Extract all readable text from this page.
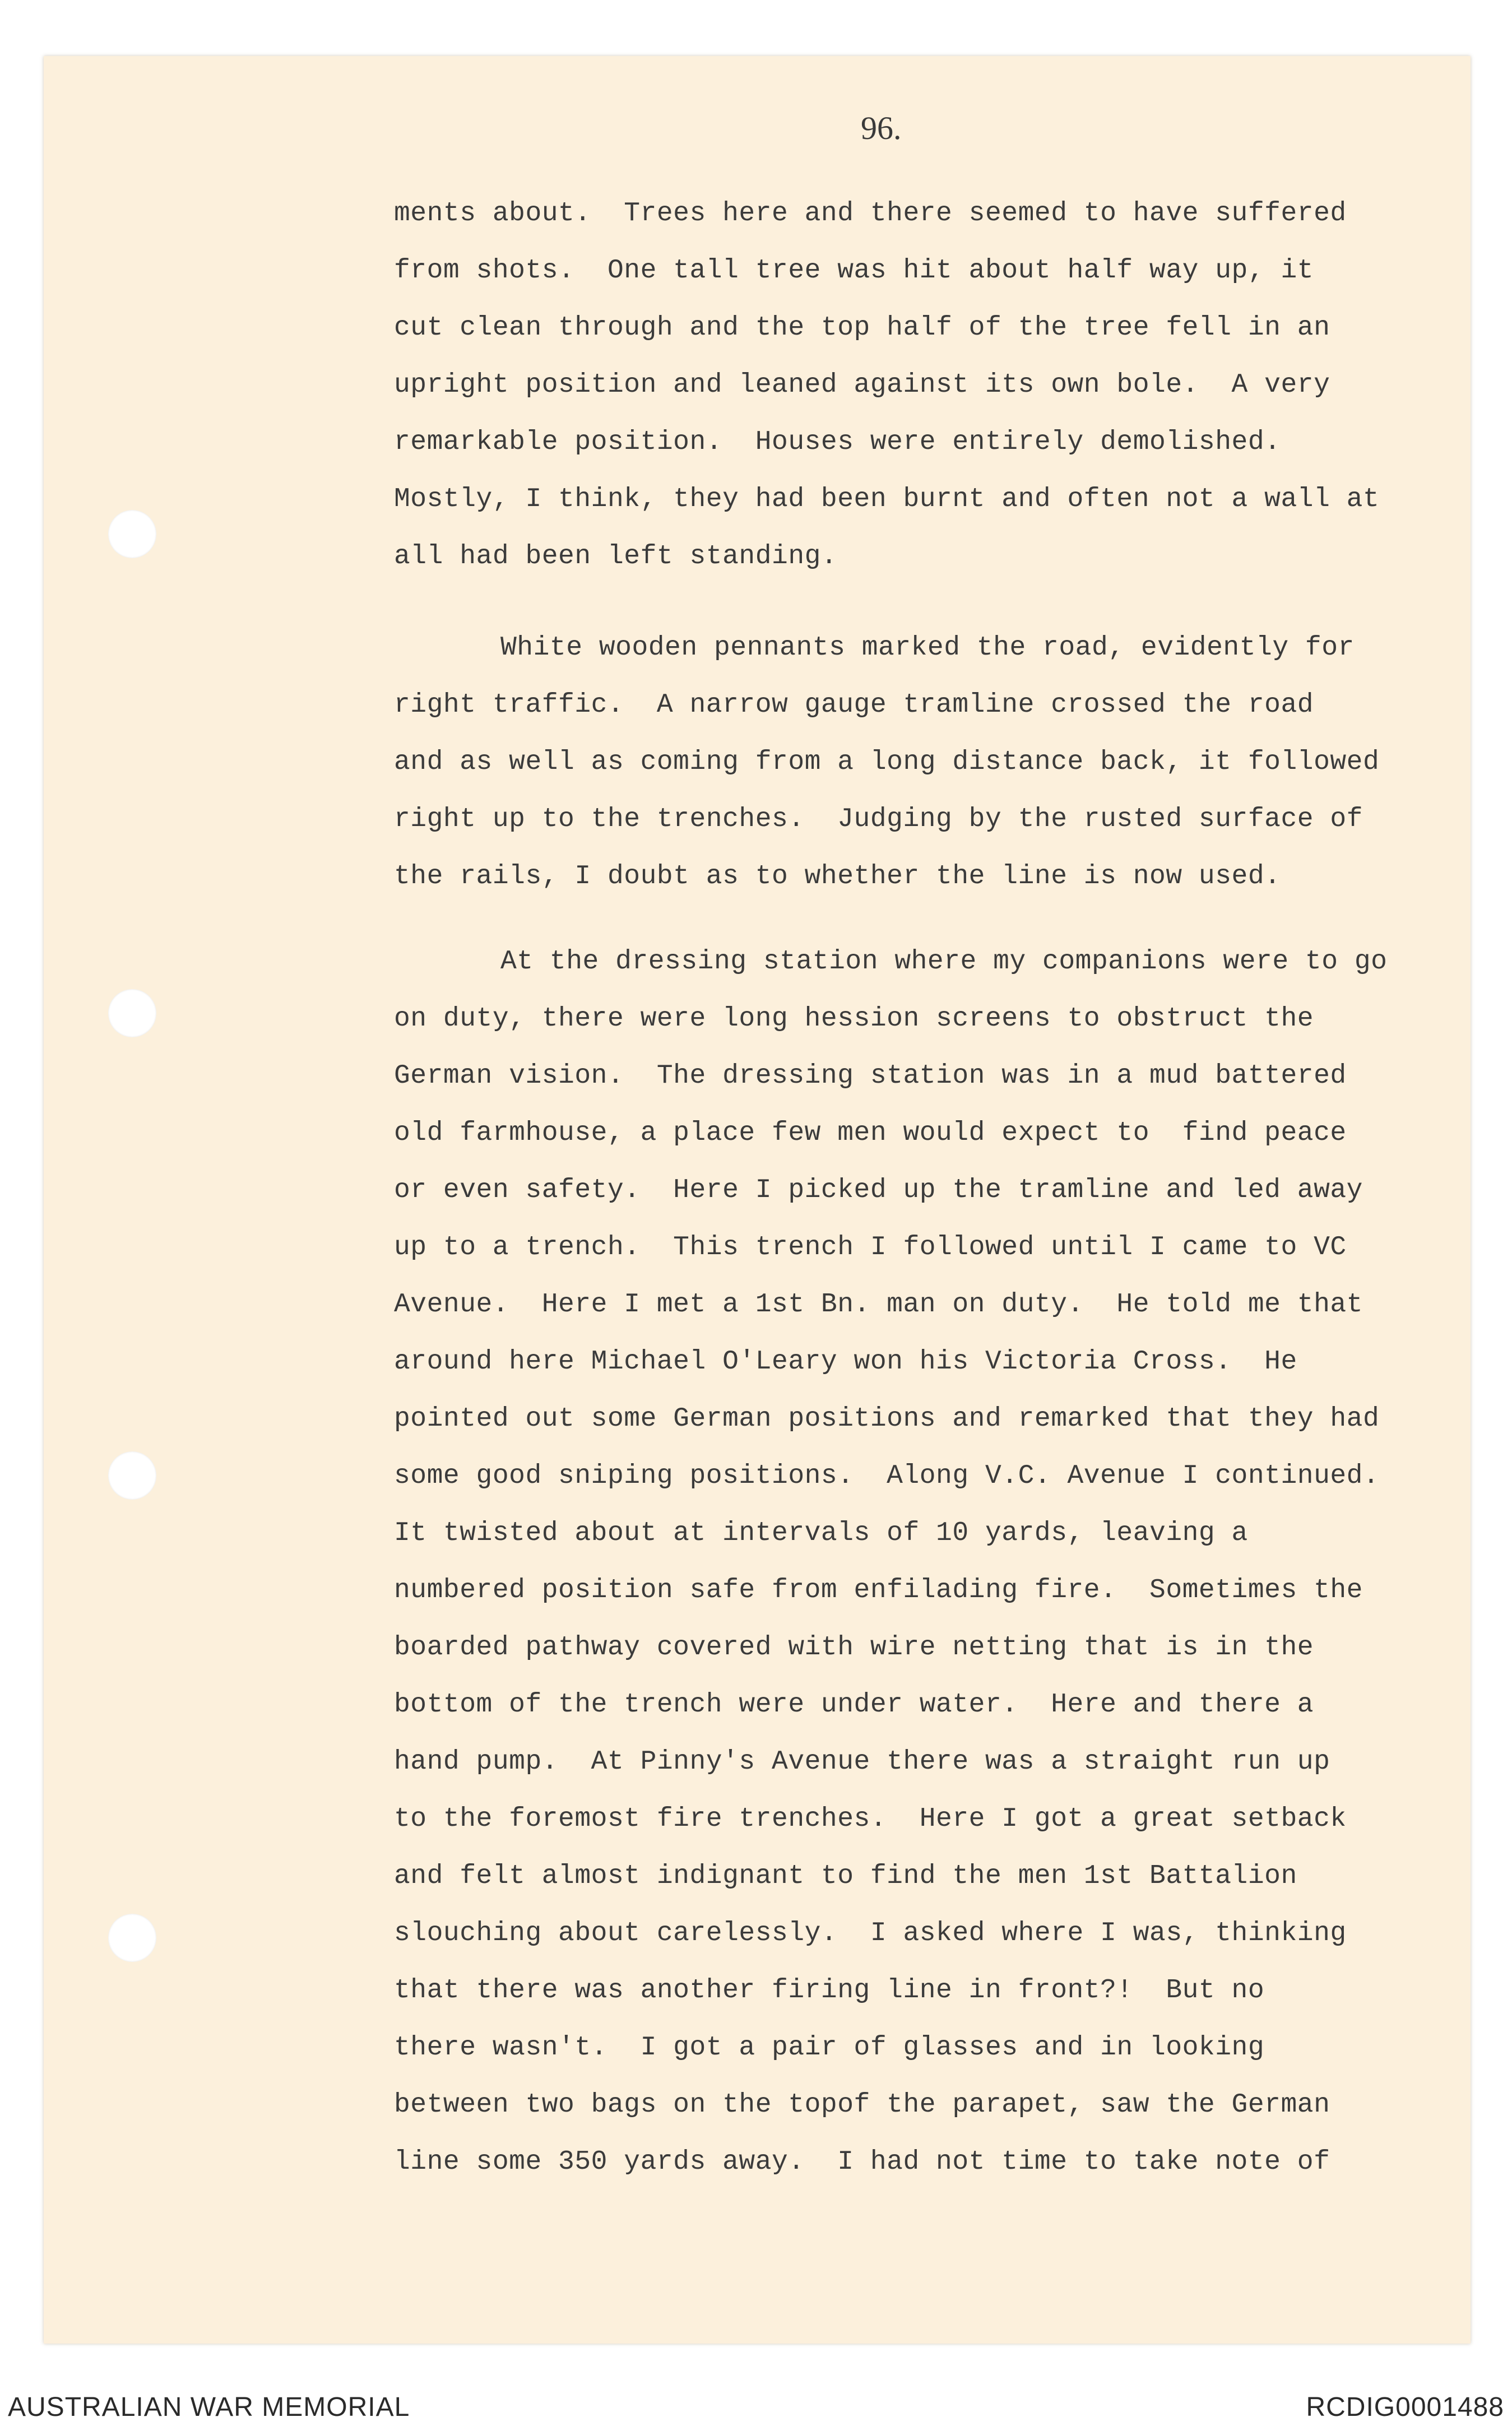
96.
ments about.  Trees here and there seemed to have suffered
from shots.  One tall tree was hit about half way up, it
cut clean through and the top half of the tree fell in an
upright position and leaned against its own bole.  A very
remarkable position.  Houses were entirely demolished.
Mostly, I think, they had been burnt and often not a wall at
all had been left standing.
White wooden pennants marked the road, evidently for
right traffic.  A narrow gauge tramline crossed the road
and as well as coming from a long distance back, it followed
right up to the trenches.  Judging by the rusted surface of
the rails, I doubt as to whether the line is now used.
At the dressing station where my companions were to go
on duty, there were long hession screens to obstruct the
German vision.  The dressing station was in a mud battered
old farmhouse, a place few men would expect to  find peace
or even safety.  Here I picked up the tramline and led away
up to a trench.  This trench I followed until I came to VC
Avenue.  Here I met a 1st Bn. man on duty.  He told me that
around here Michael O'Leary won his Victoria Cross.  He
pointed out some German positions and remarked that they had
some good sniping positions.  Along V.C. Avenue I continued.
It twisted about at intervals of 10 yards, leaving a
numbered position safe from enfilading fire.  Sometimes the
boarded pathway covered with wire netting that is in the
bottom of the trench were under water.  Here and there a
hand pump.  At Pinny's Avenue there was a straight run up
to the foremost fire trenches.  Here I got a great setback
and felt almost indignant to find the men 1st Battalion
slouching about carelessly.  I asked where I was, thinking
that there was another firing line in front?!  But no
there wasn't.  I got a pair of glasses and in looking
between two bags on the topof the parapet, saw the German
line some 350 yards away.  I had not time to take note of
AUSTRALIAN WAR MEMORIAL	RCDIG0001488
